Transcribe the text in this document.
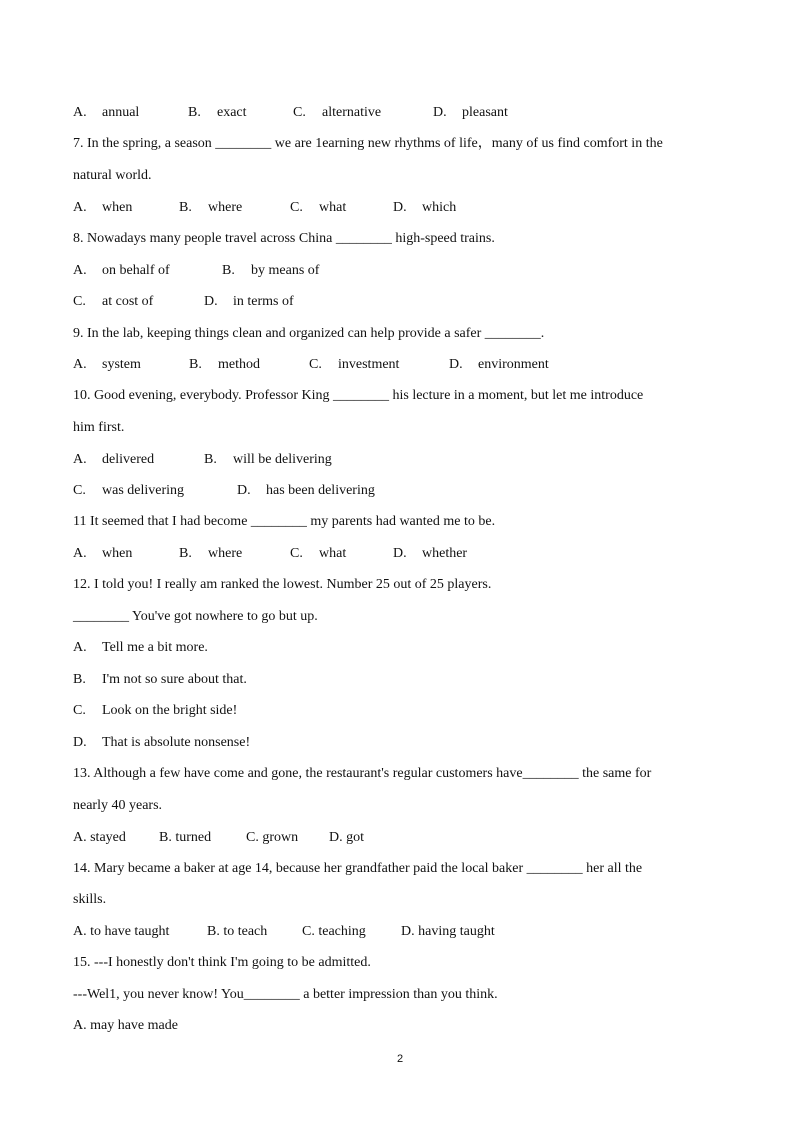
A. annual	B. exact	C. alternative	D. pleasant
7. In the spring, a season ________ we are 1earning new rhythms of life，many of us find comfort in the
natural world.
A. when	B. where	C. what	D. which
8. Nowadays many people travel across China ________ high-speed trains.
A. on behalf of	B. by means of
C. at cost of	D. in terms of
9. In the lab, keeping things clean and organized can help provide a safer ________.
A. system	B. method	C. investment	D. environment
10. Good evening, everybody. Professor King ________ his lecture in a moment, but let me introduce
him first.
A. delivered	B. will be delivering
C. was delivering	D. has been delivering
11 It seemed that I had become ________ my parents had wanted me to be.
A. when	B. where	C. what	D. whether
12. I told you! I really am ranked the lowest. Number 25 out of 25 players.
________ You've got nowhere to go but up.
A. Tell me a bit more.
B. I'm not so sure about that.
C. Look on the bright side!
D. That is absolute nonsense!
13. Although a few have come and gone, the restaurant's regular customers have________ the same for
nearly 40 years.
A. stayed B. turned C. grown D. got
14. Mary became a baker at age 14, because her grandfather paid the local baker ________ her all the
skills.
A. to have taught	B. to teach C. teaching	D. having taught
15. ---I honestly don't think I'm going to be admitted.
---Wel1, you never know! You________ a better impression than you think.
A. may have made
2
